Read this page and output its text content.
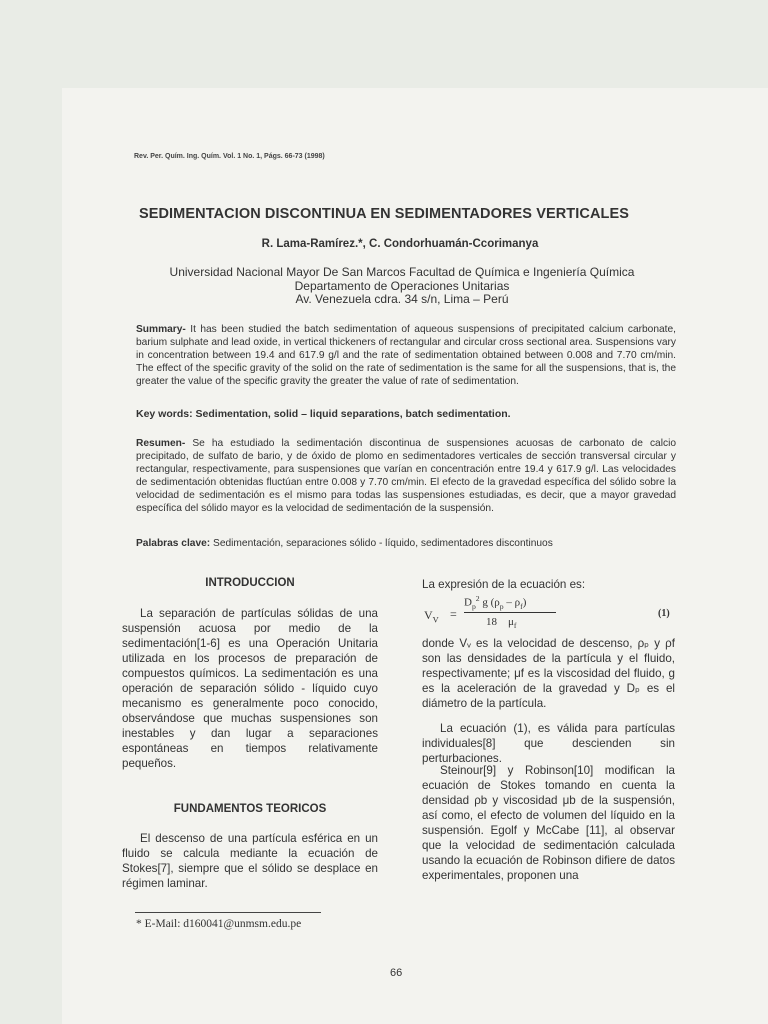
Rev. Per. Quím. Ing. Quím. Vol. 1 No. 1, Págs. 66-73 (1998)
SEDIMENTACION DISCONTINUA EN SEDIMENTADORES VERTICALES
R. Lama-Ramírez.*, C. Condorhuamán-Ccorimanya
Universidad Nacional Mayor De San Marcos Facultad de Química e Ingeniería Química
Departamento de Operaciones Unitarias
Av. Venezuela cdra. 34 s/n, Lima – Perú
Summary- It has been studied the batch sedimentation of aqueous suspensions of precipitated calcium carbonate, barium sulphate and lead oxide, in vertical thickeners of rectangular and circular cross sectional area. Suspensions vary in concentration between 19.4 and 617.9 g/l and the rate of sedimentation obtained between 0.008 and 7.70 cm/min. The effect of the specific gravity of the solid on the rate of sedimentation is the same for all the suspensions, that is, the greater the value of the specific gravity the greater the value of rate of sedimentation.
Key words: Sedimentation, solid – liquid separations, batch sedimentation.
Resumen- Se ha estudiado la sedimentación discontinua de suspensiones acuosas de carbonato de calcio precipitado, de sulfato de bario, y de óxido de plomo en sedimentadores verticales de sección transversal circular y rectangular, respectivamente, para suspensiones que varían en concentración entre 19.4 y 617.9 g/l. Las velocidades de sedimentación obtenidas fluctúan entre 0.008 y 7.70 cm/min. El efecto de la gravedad específica del sólido sobre la velocidad de sedimentación es el mismo para todas las suspensiones estudiadas, es decir, que a mayor gravedad específica del sólido mayor es la velocidad de sedimentación de la suspensión.
Palabras clave: Sedimentación, separaciones sólido - líquido, sedimentadores discontinuos
INTRODUCCION
La separación de partículas sólidas de una suspensión acuosa por medio de la sedimentación[1-6] es una Operación Unitaria utilizada en los procesos de preparación de compuestos químicos. La sedimentación es una operación de separación sólido - líquido cuyo mecanismo es generalmente poco conocido, observándose que muchas suspensiones son inestables y dan lugar a separaciones espontáneas en tiempos relativamente pequeños.
FUNDAMENTOS TEORICOS
El descenso de una partícula esférica en un fluido se calcula mediante la ecuación de Stokes[7], siempre que el sólido se desplace en régimen laminar.
La expresión de la ecuación es:
$V_V$ =
$D_p^2$ g $(\rho_p - \rho_f)$
18 $\mu_f$
(1)
donde Vᵥ es la velocidad de descenso, ρₚ y ρf son las densidades de la partícula y el fluido, respectivamente; μf es la viscosidad del fluido, g es la aceleración de la gravedad y Dₚ es el diámetro de la partícula.
La ecuación (1), es válida para partículas individuales[8] que descienden sin perturbaciones.
Steinour[9] y Robinson[10] modifican la ecuación de Stokes tomando en cuenta la densidad ρb y viscosidad μb de la suspensión, así como, el efecto de volumen del líquido en la suspensión. Egolf y McCabe [11], al observar que la velocidad de sedimentación calculada usando la ecuación de Robinson difiere de datos experimentales, proponen una
* E-Mail: d160041@unmsm.edu.pe
66
